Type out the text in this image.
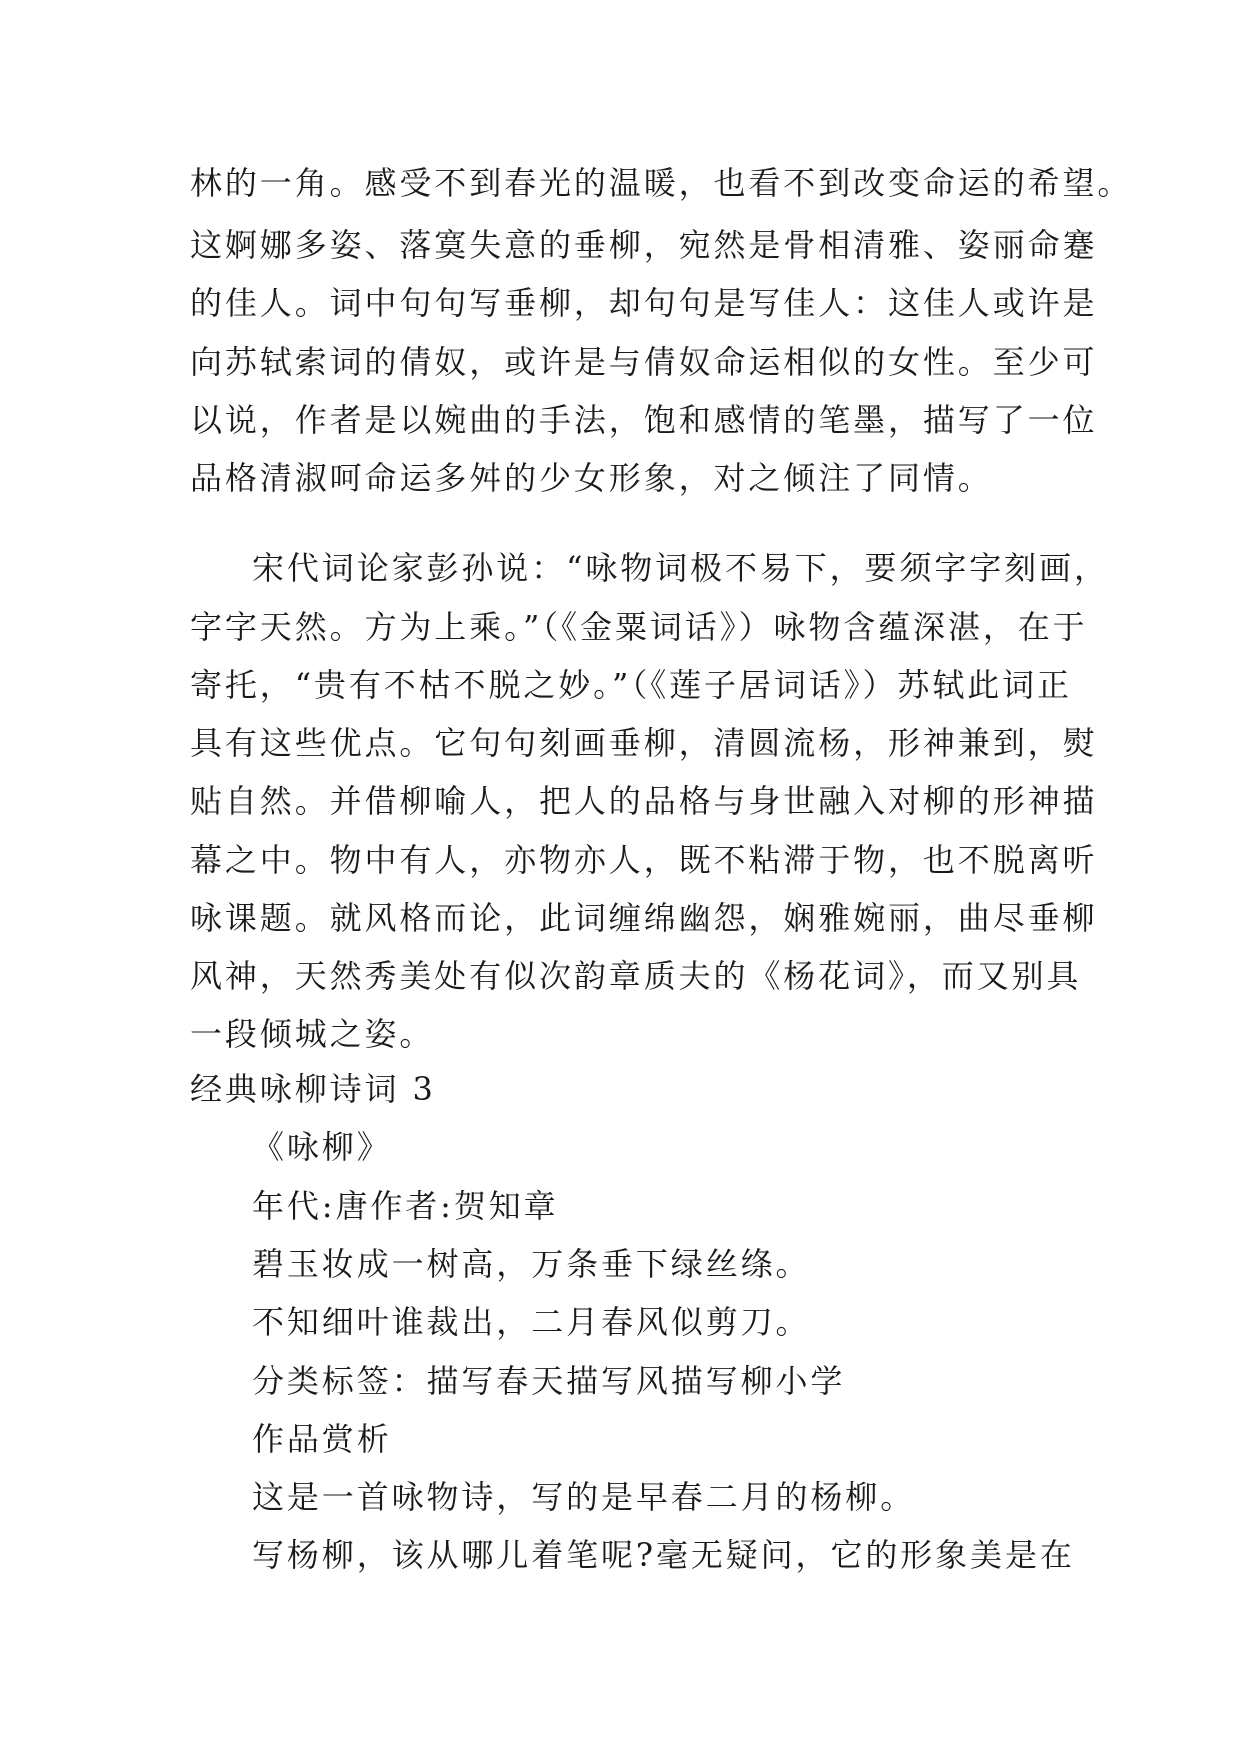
林的一角。感受不到春光的温暖，也看不到改变命运的希望。
这婀娜多姿、落寞失意的垂柳，宛然是骨相清雅、姿丽命蹇
的佳人。词中句句写垂柳，却句句是写佳人：这佳人或许是
向苏轼索词的倩奴，或许是与倩奴命运相似的女性。至少可
以说，作者是以婉曲的手法，饱和感情的笔墨，描写了一位
品格清淑呵命运多舛的少女形象，对之倾注了同情。
宋代词论家彭孙说：“咏物词极不易下，要须字字刻画，
字字天然。方为上乘。”（《金粟词话》）咏物含蕴深湛，在于
寄托，“贵有不枯不脱之妙。”（《莲子居词话》）苏轼此词正
具有这些优点。它句句刻画垂柳，清圆流杨，形神兼到，熨
贴自然。并借柳喻人，把人的品格与身世融入对柳的形神描
幕之中。物中有人，亦物亦人，既不粘滞于物，也不脱离听
咏课题。就风格而论，此词缠绵幽怨，娴雅婉丽，曲尽垂柳
风神，天然秀美处有似次韵章质夫的《杨花词》，而又别具
一段倾城之姿。
经典咏柳诗词 3
《咏柳》
年代:唐作者:贺知章
碧玉妆成一树高，万条垂下绿丝绦。
不知细叶谁裁出，二月春风似剪刀。
分类标签：描写春天描写风描写柳小学
作品赏析
这是一首咏物诗，写的是早春二月的杨柳。
写杨柳，该从哪儿着笔呢?毫无疑问，它的形象美是在
